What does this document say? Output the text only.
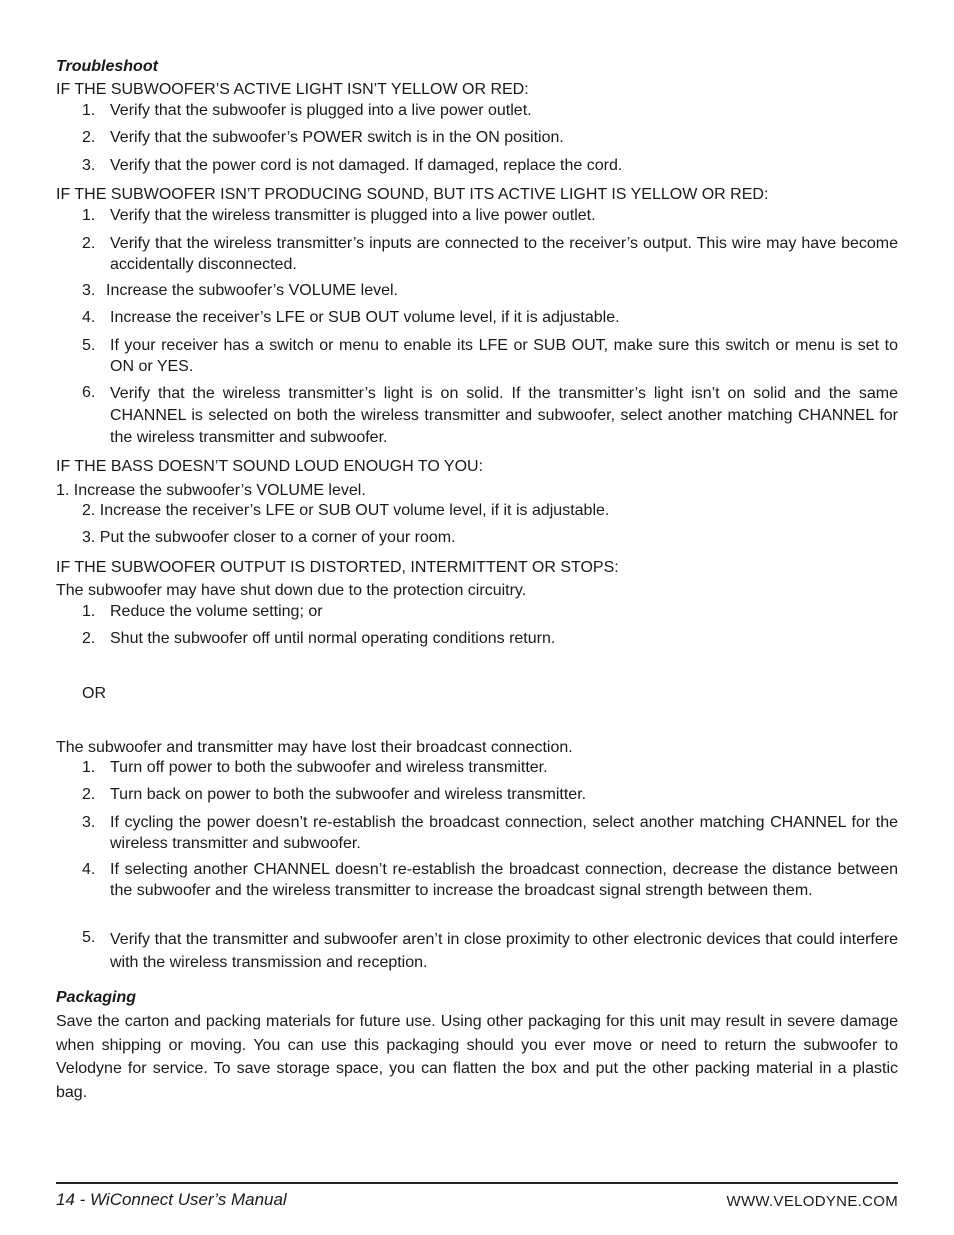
Troubleshoot
IF THE SUBWOOFER’S ACTIVE LIGHT ISN’T YELLOW OR RED:
1. Verify that the subwoofer is plugged into a live power outlet.
2. Verify that the subwoofer’s POWER switch is in the ON position.
3. Verify that the power cord is not damaged. If damaged, replace the cord.
IF THE SUBWOOFER ISN’T PRODUCING SOUND, BUT ITS ACTIVE LIGHT IS YELLOW OR RED:
1. Verify that the wireless transmitter is plugged into a live power outlet.
2. Verify that the wireless transmitter’s inputs are connected to the receiver’s output. This wire may have become accidentally disconnected.
3. Increase the subwoofer’s VOLUME level.
4. Increase the receiver’s LFE or SUB OUT volume level, if it is adjustable.
5. If your receiver has a switch or menu to enable its LFE or SUB OUT, make sure this switch or menu is set to ON or YES.
6. Verify that the wireless transmitter’s light is on solid. If the transmitter’s light isn’t on solid and the same CHANNEL is selected on both the wireless transmitter and subwoofer, select another matching CHANNEL for the wireless transmitter and subwoofer.
IF THE BASS DOESN’T SOUND LOUD ENOUGH TO YOU:
1. Increase the subwoofer’s VOLUME level.
2. Increase the receiver’s LFE or SUB OUT volume level, if it is adjustable.
3. Put the subwoofer closer to a corner of your room.
IF THE SUBWOOFER OUTPUT IS DISTORTED, INTERMITTENT OR STOPS:
The subwoofer may have shut down due to the protection circuitry.
1. Reduce the volume setting; or
2. Shut the subwoofer off until normal operating conditions return.
OR
The subwoofer and transmitter may have lost their broadcast connection.
1. Turn off power to both the subwoofer and wireless transmitter.
2. Turn back on power to both the subwoofer and wireless transmitter.
3. If cycling the power doesn’t re-establish the broadcast connection, select another matching CHANNEL for the wireless transmitter and subwoofer.
4. If selecting another CHANNEL doesn’t re-establish the broadcast connection, decrease the distance between the subwoofer and the wireless transmitter to increase the broadcast signal strength between them.
5. Verify that the transmitter and subwoofer aren’t in close proximity to other electronic devices that could interfere with the wireless transmission and reception.
Packaging
Save the carton and packing materials for future use. Using other packaging for this unit may result in severe damage when shipping or moving. You can use this packaging should you ever move or need to return the subwoofer to Velodyne for service. To save storage space, you can flatten the box and put the other packing material in a plastic bag.
14 - WiConnect User’s Manual	WWW.VELODYNE.COM
